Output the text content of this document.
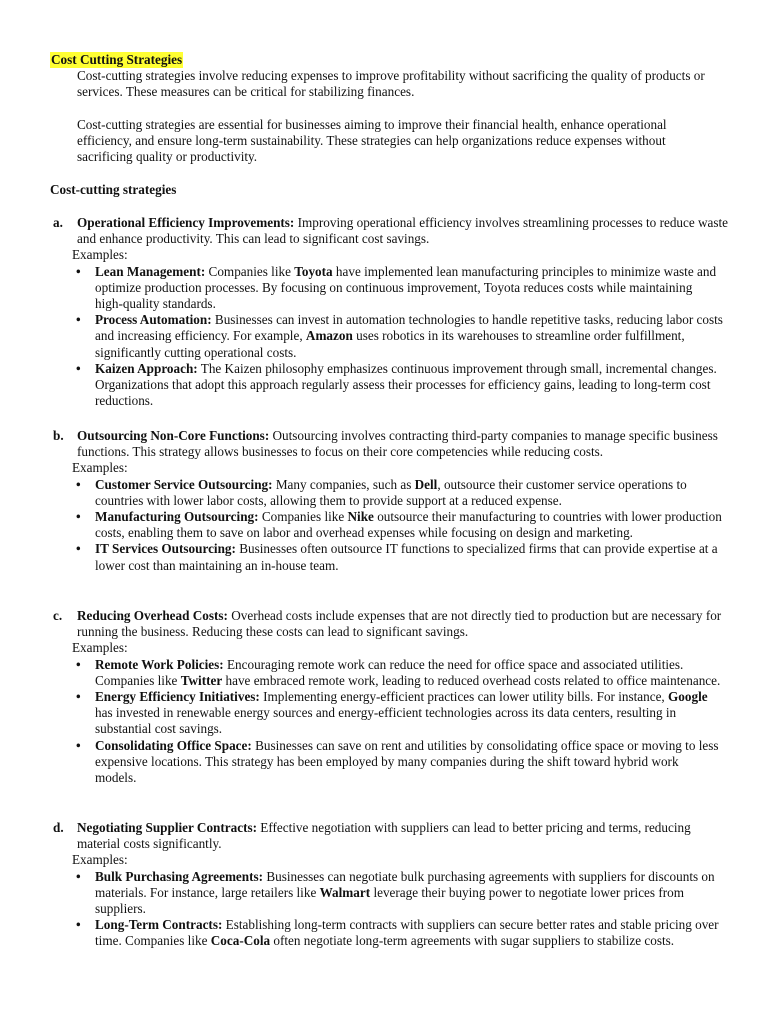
Cost Cutting Strategies

Cost-cutting strategies involve reducing expenses to improve profitability without sacrificing the quality of products or services. These measures can be critical for stabilizing finances.

Cost-cutting strategies are essential for businesses aiming to improve their financial health, enhance operational efficiency, and ensure long-term sustainability. These strategies can help organizations reduce expenses without sacrificing quality or productivity.

Cost-cutting strategies

a. Operational Efficiency Improvements: Improving operational efficiency involves streamlining processes to reduce waste and enhance productivity. This can lead to significant cost savings.

Examples:

• Lean Management: Companies like Toyota have implemented lean manufacturing principles to minimize waste and optimize production processes. By focusing on continuous improvement, Toyota reduces costs while maintaining high-quality standards.
• Process Automation: Businesses can invest in automation technologies to handle repetitive tasks, reducing labor costs and increasing efficiency. For example, Amazon uses robotics in its warehouses to streamline order fulfillment, significantly cutting operational costs.
• Kaizen Approach: The Kaizen philosophy emphasizes continuous improvement through small, incremental changes. Organizations that adopt this approach regularly assess their processes for efficiency gains, leading to long-term cost reductions.

b. Outsourcing Non-Core Functions: Outsourcing involves contracting third-party companies to manage specific business functions. This strategy allows businesses to focus on their core competencies while reducing costs.

Examples:

• Customer Service Outsourcing: Many companies, such as Dell, outsource their customer service operations to countries with lower labor costs, allowing them to provide support at a reduced expense.
• Manufacturing Outsourcing: Companies like Nike outsource their manufacturing to countries with lower production costs, enabling them to save on labor and overhead expenses while focusing on design and marketing.
• IT Services Outsourcing: Businesses often outsource IT functions to specialized firms that can provide expertise at a lower cost than maintaining an in-house team.

c. Reducing Overhead Costs: Overhead costs include expenses that are not directly tied to production but are necessary for running the business. Reducing these costs can lead to significant savings.

Examples:

• Remote Work Policies: Encouraging remote work can reduce the need for office space and associated utilities. Companies like Twitter have embraced remote work, leading to reduced overhead costs related to office maintenance.
• Energy Efficiency Initiatives: Implementing energy-efficient practices can lower utility bills. For instance, Google has invested in renewable energy sources and energy-efficient technologies across its data centers, resulting in substantial cost savings.
• Consolidating Office Space: Businesses can save on rent and utilities by consolidating office space or moving to less expensive locations. This strategy has been employed by many companies during the shift toward hybrid work models.

d. Negotiating Supplier Contracts: Effective negotiation with suppliers can lead to better pricing and terms, reducing material costs significantly.

Examples:

• Bulk Purchasing Agreements: Businesses can negotiate bulk purchasing agreements with suppliers for discounts on materials. For instance, large retailers like Walmart leverage their buying power to negotiate lower prices from suppliers.
• Long-Term Contracts: Establishing long-term contracts with suppliers can secure better rates and stable pricing over time. Companies like Coca-Cola often negotiate long-term agreements with sugar suppliers to stabilize costs.
